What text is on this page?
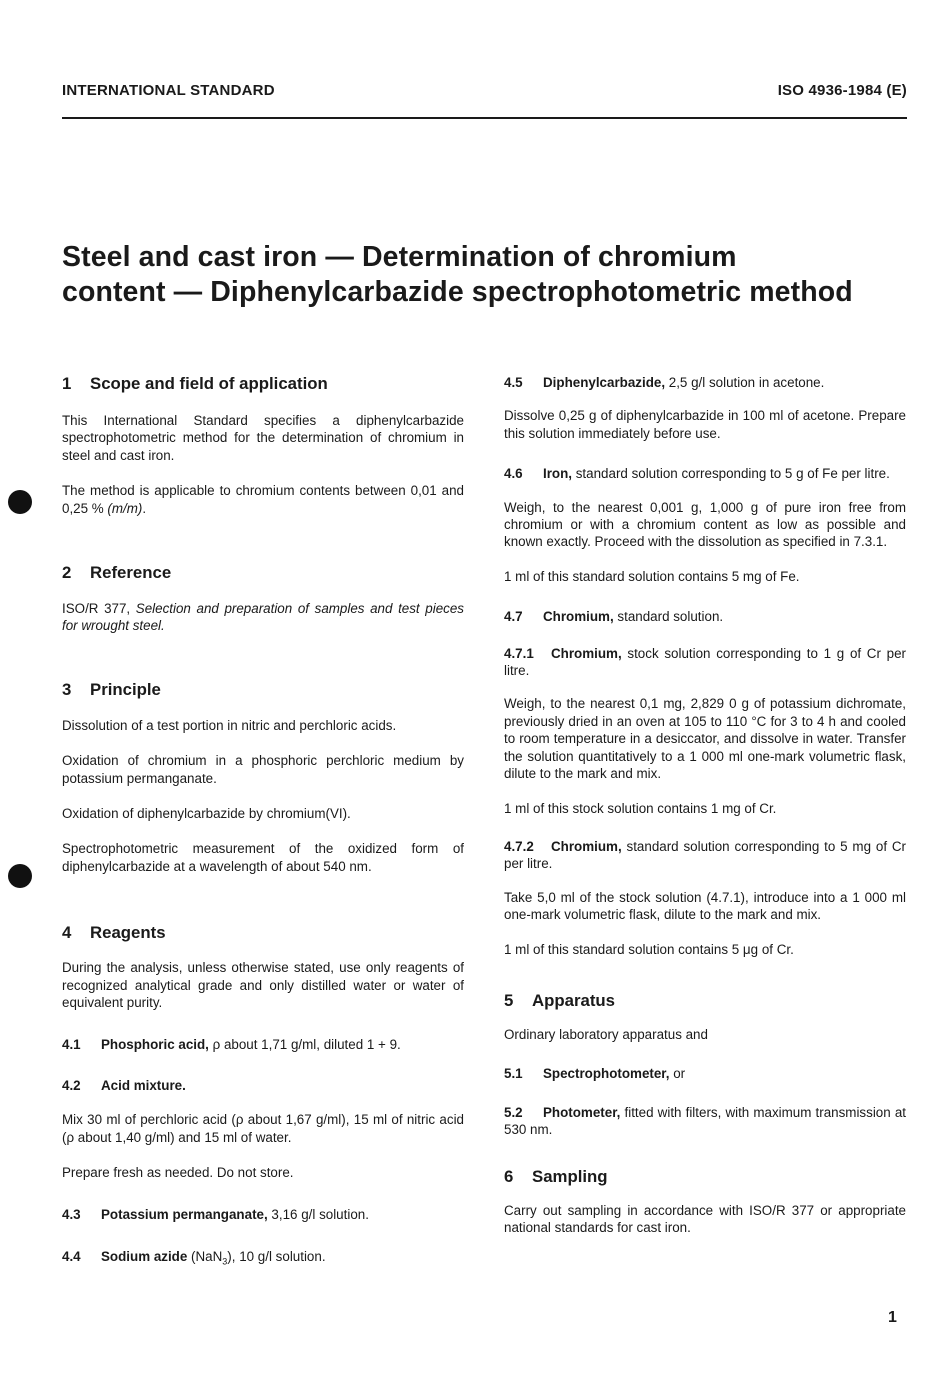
INTERNATIONAL STANDARD	ISO 4936-1984 (E)
Steel and cast iron — Determination of chromium
content — Diphenylcarbazide spectrophotometric method
1 Scope and field of application

This International Standard specifies a diphenylcarbazide spectrophotometric method for the determination of chromium in steel and cast iron.

The method is applicable to chromium contents between 0,01 and 0,25 % (m/m).

2 Reference

ISO/R 377, Selection and preparation of samples and test pieces for wrought steel.

3 Principle

Dissolution of a test portion in nitric and perchloric acids.

Oxidation of chromium in a phosphoric perchloric medium by potassium permanganate.

Oxidation of diphenylcarbazide by chromium(VI).

Spectrophotometric measurement of the oxidized form of diphenylcarbazide at a wavelength of about 540 nm.

4 Reagents

During the analysis, unless otherwise stated, use only reagents of recognized analytical grade and only distilled water or water of equivalent purity.

4.1 Phosphoric acid, ρ about 1,71 g/ml, diluted 1 + 9.

4.2 Acid mixture.

Mix 30 ml of perchloric acid (ρ about 1,67 g/ml), 15 ml of nitric acid (ρ about 1,40 g/ml) and 15 ml of water.

Prepare fresh as needed. Do not store.

4.3 Potassium permanganate, 3,16 g/l solution.

4.4 Sodium azide (NaN$_3$), 10 g/l solution.

4.5 Diphenylcarbazide, 2,5 g/l solution in acetone.

Dissolve 0,25 g of diphenylcarbazide in 100 ml of acetone. Prepare this solution immediately before use.

4.6 Iron, standard solution corresponding to 5 g of Fe per litre.

Weigh, to the nearest 0,001 g, 1,000 g of pure iron free from chromium or with a chromium content as low as possible and known exactly. Proceed with the dissolution as specified in 7.3.1.

1 ml of this standard solution contains 5 mg of Fe.

4.7 Chromium, standard solution.

4.7.1 Chromium, stock solution corresponding to 1 g of Cr per litre.

Weigh, to the nearest 0,1 mg, 2,829 0 g of potassium dichromate, previously dried in an oven at 105 to 110 °C for 3 to 4 h and cooled to room temperature in a desiccator, and dissolve in water. Transfer the solution quantitatively to a 1 000 ml one-mark volumetric flask, dilute to the mark and mix.

1 ml of this stock solution contains 1 mg of Cr.

4.7.2 Chromium, standard solution corresponding to 5 mg of Cr per litre.

Take 5,0 ml of the stock solution (4.7.1), introduce into a 1 000 ml one-mark volumetric flask, dilute to the mark and mix.

1 ml of this standard solution contains 5 μg of Cr.

5 Apparatus

Ordinary laboratory apparatus and

5.1 Spectrophotometer, or

5.2 Photometer, fitted with filters, with maximum transmission at 530 nm.

6 Sampling

Carry out sampling in accordance with ISO/R 377 or appropriate national standards for cast iron.

1
